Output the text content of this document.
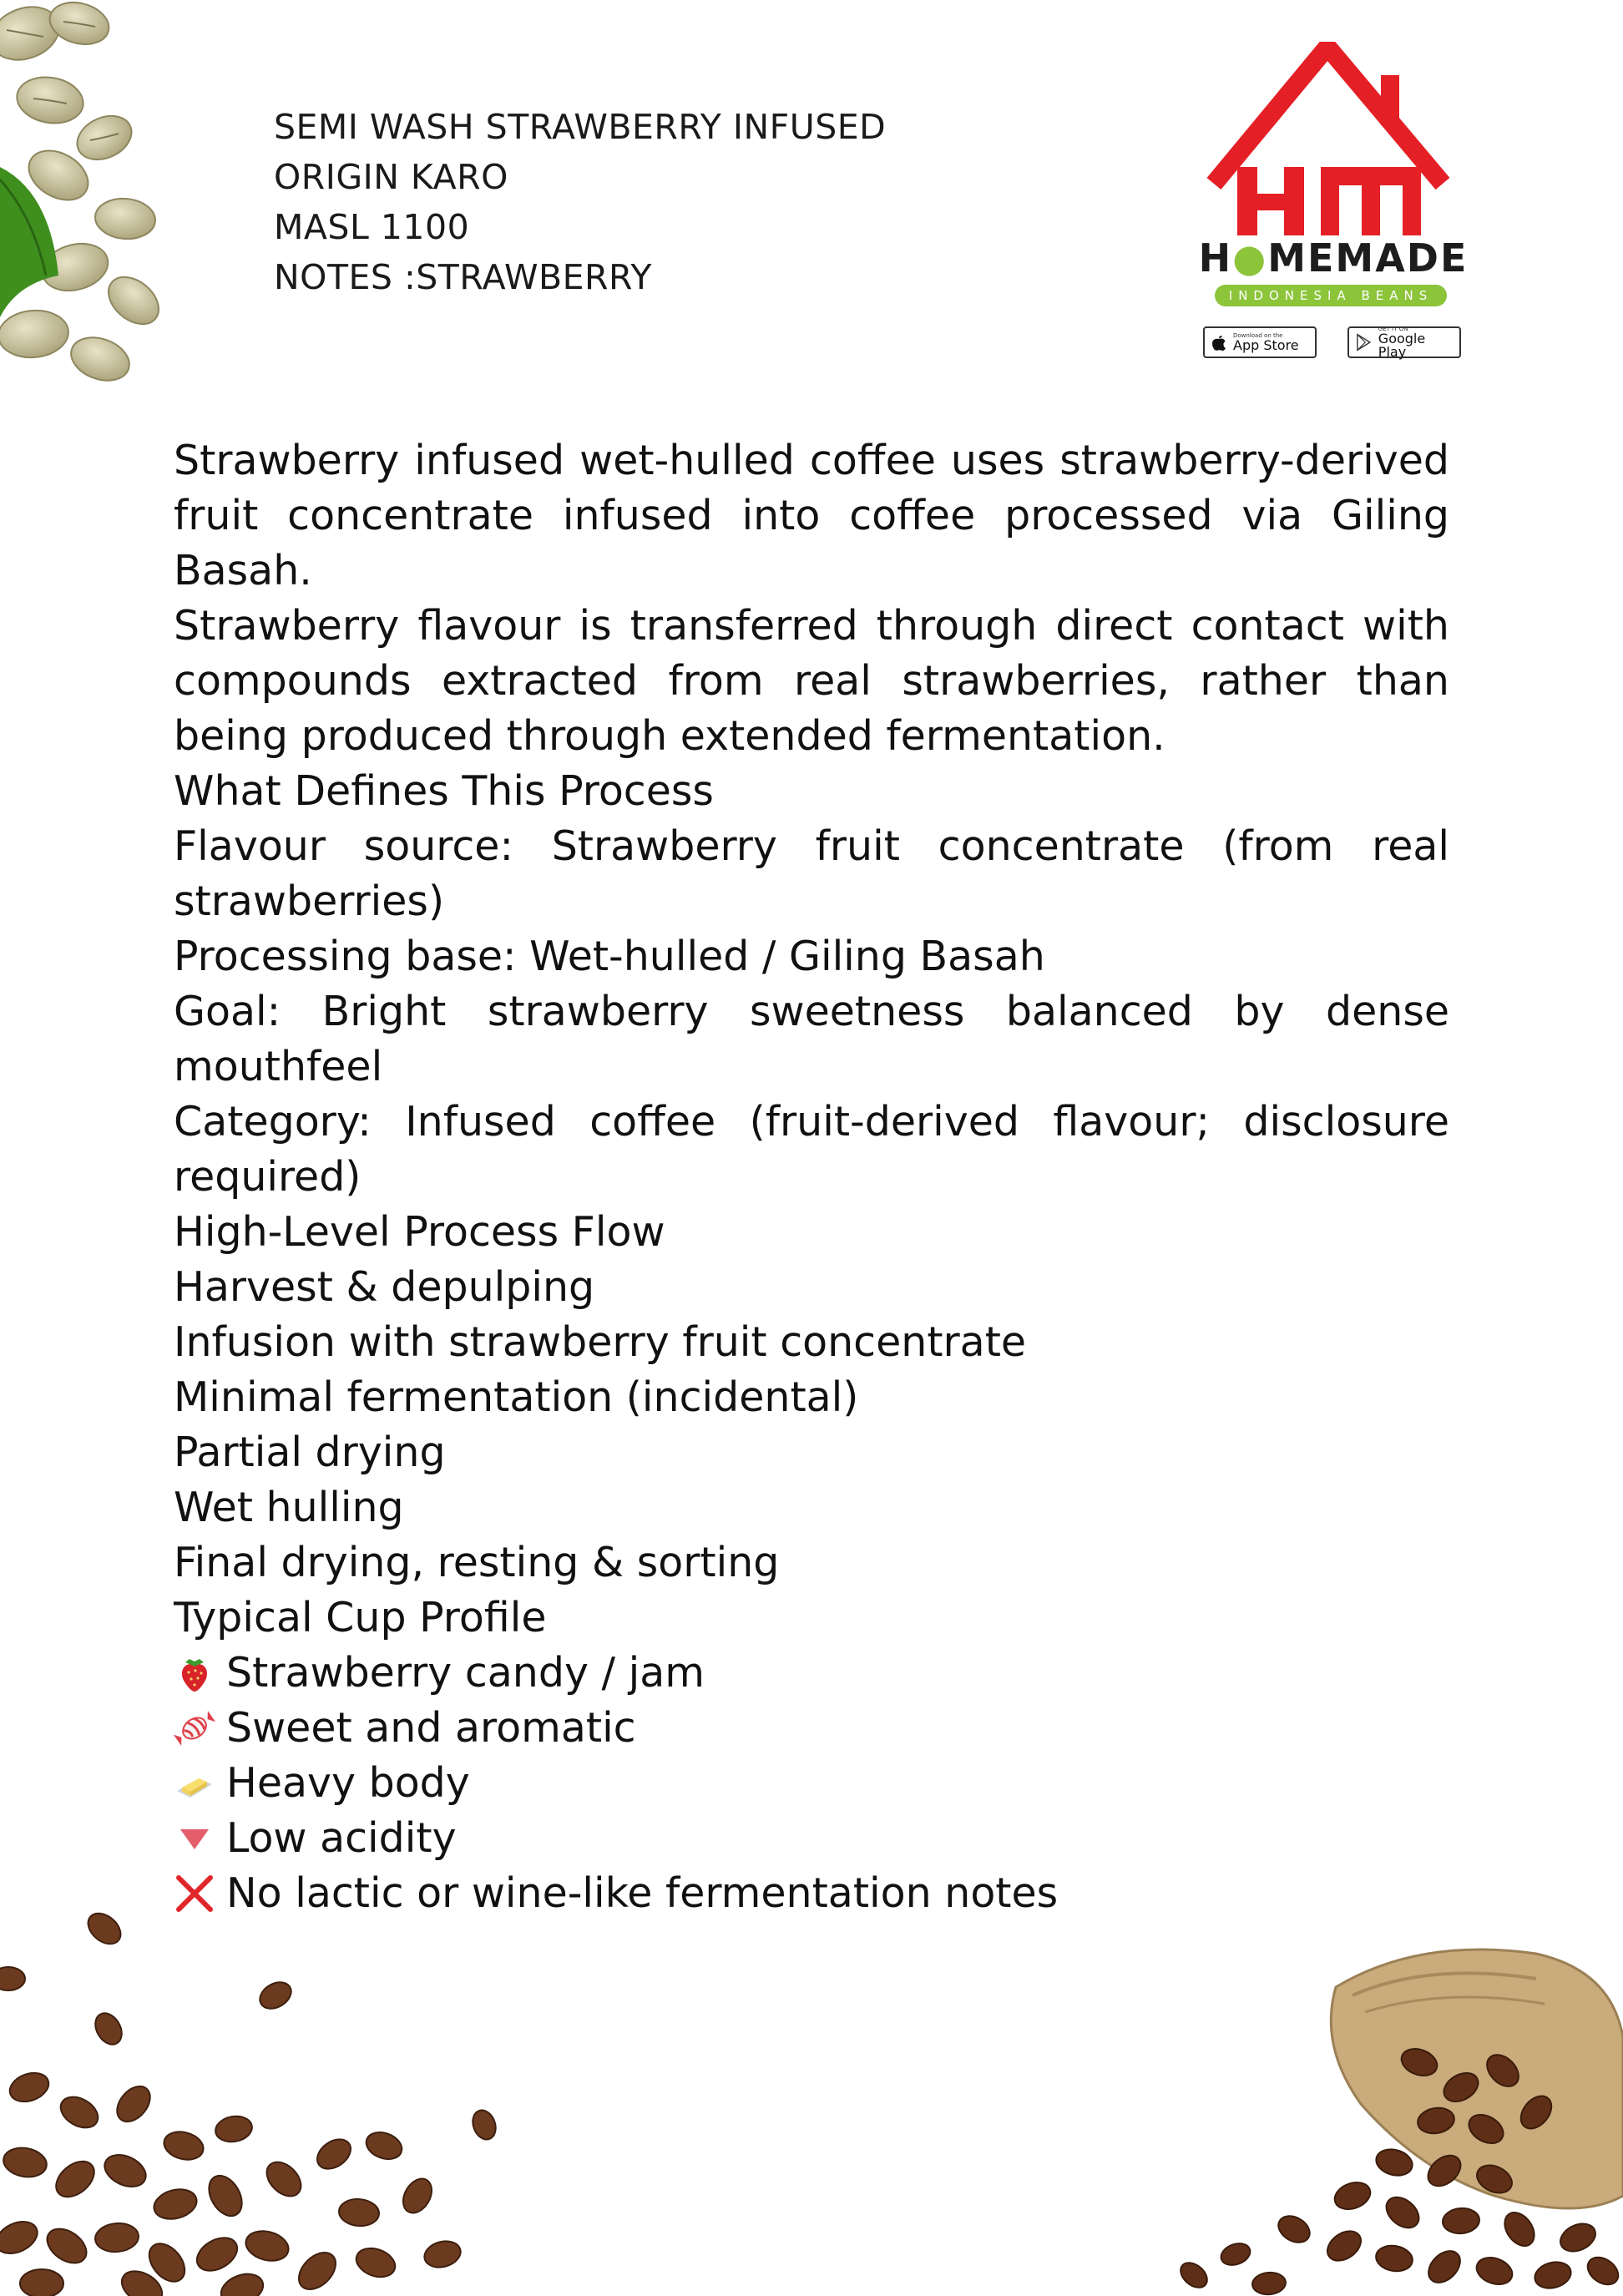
SEMI WASH STRAWBERRY INFUSED
ORIGIN KARO
MASL 1100
NOTES :STRAWBERRY	H●MEMADE
INDONESIA BEANS
Download on the
App Store
GET IT ON
Google Play

Strawberry infused wet-hulled coffee uses strawberry-derived fruit concentrate infused into coffee processed via Giling Basah.

Strawberry flavour is transferred through direct contact with compounds extracted from real strawberries, rather than being produced through extended fermentation.

What Defines This Process

Flavour source: Strawberry fruit concentrate (from real strawberries)

Processing base: Wet-hulled / Giling Basah

Goal: Bright strawberry sweetness balanced by dense mouthfeel

Category: Infused coffee (fruit-derived flavour; disclosure required)

High-Level Process Flow

Harvest & depulping

Infusion with strawberry fruit concentrate

Minimal fermentation (incidental)

Partial drying

Wet hulling

Final drying, resting & sorting

Typical Cup Profile

Strawberry candy / jam
Sweet and aromatic
Heavy body
Low acidity
No lactic or wine-like fermentation notes
